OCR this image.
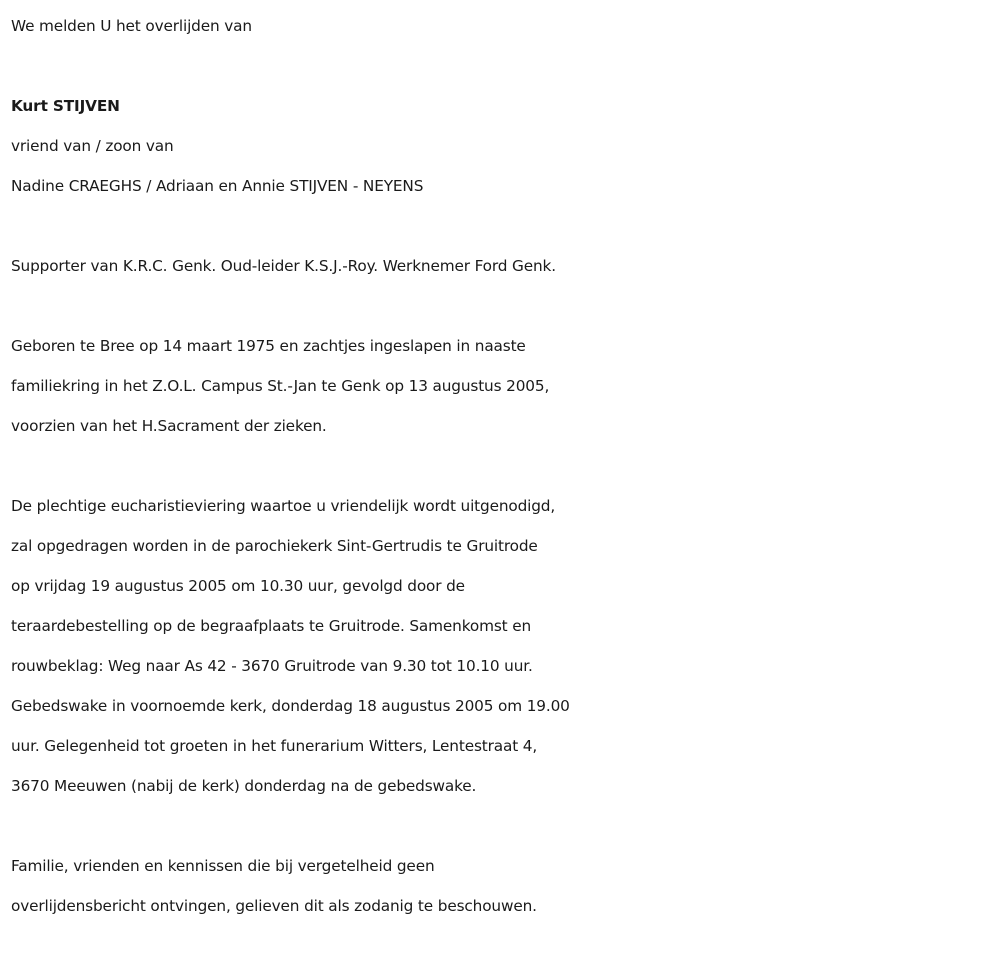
We melden U het overlijden van

Kurt STIJVEN

vriend van / zoon van

Nadine CRAEGHS / Adriaan en Annie STIJVEN - NEYENS

Supporter van K.R.C. Genk. Oud-leider K.S.J.-Roy. Werknemer Ford Genk.

Geboren te Bree op 14 maart 1975 en zachtjes ingeslapen in naaste
familiekring in het Z.O.L. Campus St.-Jan te Genk op 13 augustus 2005,
voorzien van het H.Sacrament der zieken.
De plechtige eucharistieviering waartoe u vriendelijk wordt uitgenodigd,
zal opgedragen worden in de parochiekerk Sint-Gertrudis te Gruitrode
op vrijdag 19 augustus 2005 om 10.30 uur, gevolgd door de
teraardebestelling op de begraafplaats te Gruitrode. Samenkomst en
rouwbeklag: Weg naar As 42 - 3670 Gruitrode van 9.30 tot 10.10 uur.
Gebedswake in voornoemde kerk, donderdag 18 augustus 2005 om 19.00
uur. Gelegenheid tot groeten in het funerarium Witters, Lentestraat 4,
3670 Meeuwen (nabij de kerk) donderdag na de gebedswake.
Familie, vrienden en kennissen die bij vergetelheid geen
overlijdensbericht ontvingen, gelieven dit als zodanig te beschouwen.
